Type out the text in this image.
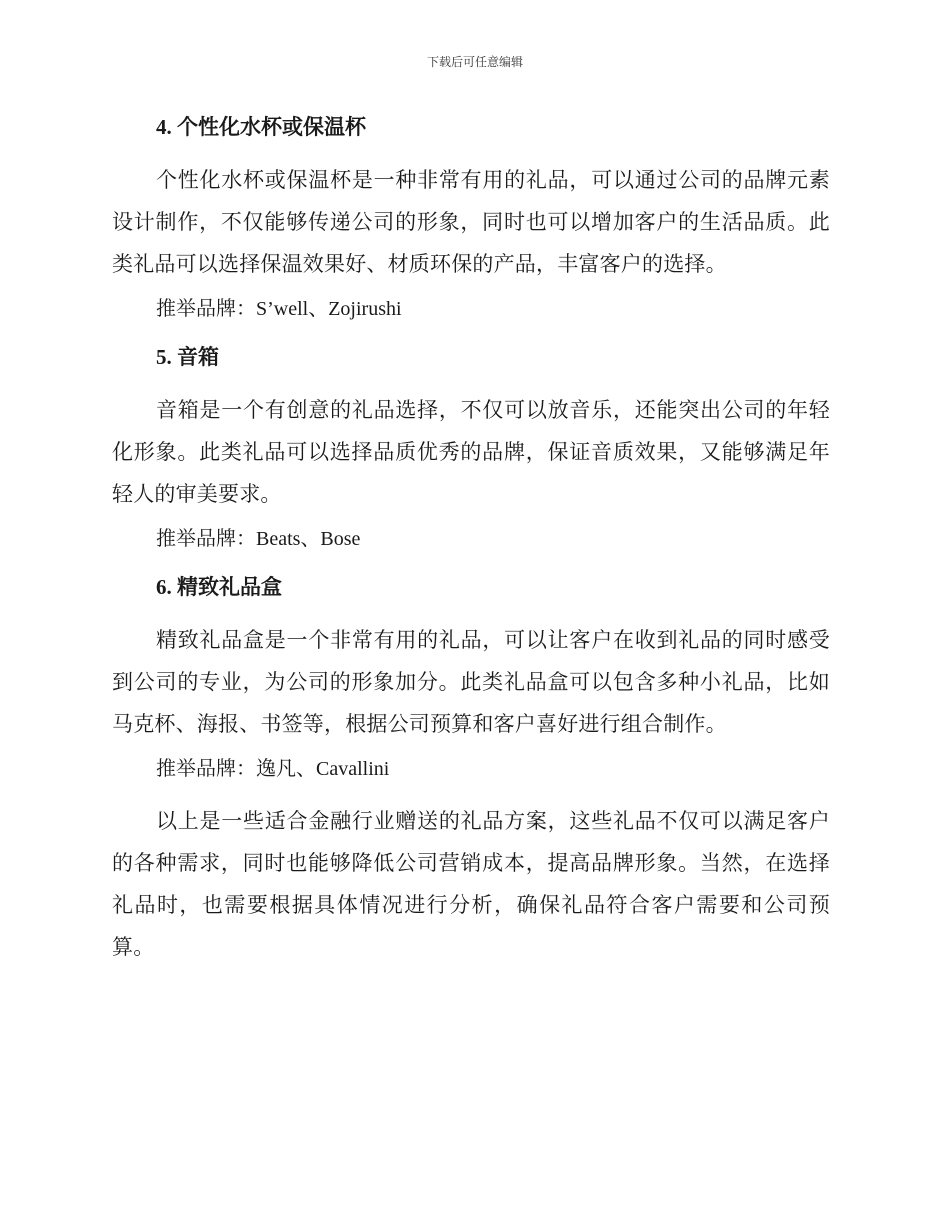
下载后可任意编辑
4. 个性化水杯或保温杯

个性化水杯或保温杯是一种非常有用的礼品，可以通过公司的品牌元素设计制作，不仅能够传递公司的形象，同时也可以增加客户的生活品质。此类礼品可以选择保温效果好、材质环保的产品，丰富客户的选择。

推举品牌：S’well、Zojirushi

5. 音箱

音箱是一个有创意的礼品选择，不仅可以放音乐，还能突出公司的年轻化形象。此类礼品可以选择品质优秀的品牌，保证音质效果，又能够满足年轻人的审美要求。

推举品牌：Beats、Bose

6. 精致礼品盒

精致礼品盒是一个非常有用的礼品，可以让客户在收到礼品的同时感受到公司的专业，为公司的形象加分。此类礼品盒可以包含多种小礼品，比如马克杯、海报、书签等，根据公司预算和客户喜好进行组合制作。

推举品牌：逸凡、Cavallini

以上是一些适合金融行业赠送的礼品方案，这些礼品不仅可以满足客户的各种需求，同时也能够降低公司营销成本，提高品牌形象。当然，在选择礼品时，也需要根据具体情况进行分析，确保礼品符合客户需要和公司预算。
